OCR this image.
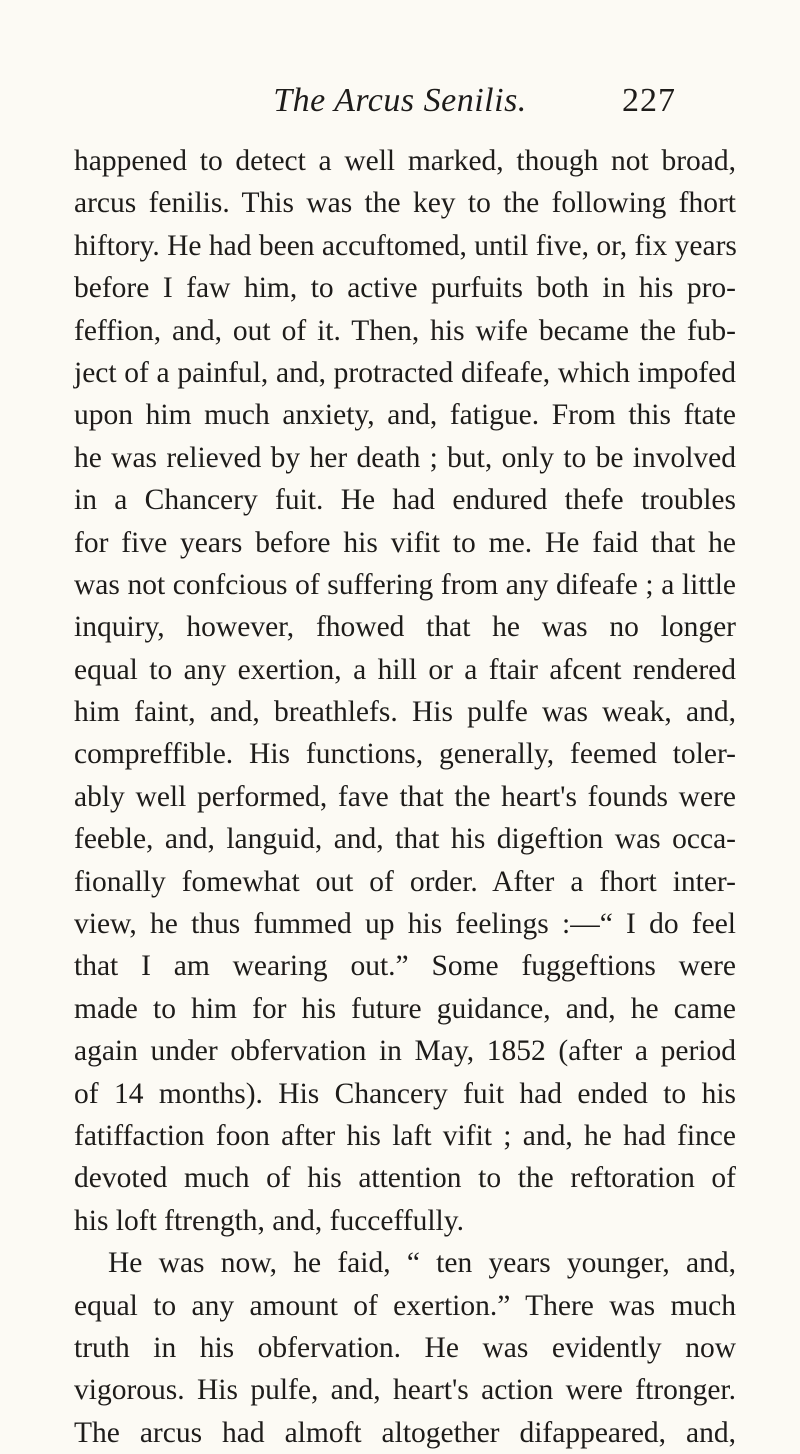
The Arcus Senilis.	227
happened to detect a well marked, though not broad,
arcus fenilis. This was the key to the following fhort
hiftory. He had been accuftomed, until five, or, fix years
before I faw him, to active purfuits both in his pro-
feffion, and, out of it. Then, his wife became the fub-
ject of a painful, and, protracted difeafe, which impofed
upon him much anxiety, and, fatigue. From this ftate
he was relieved by her death ; but, only to be involved
in a Chancery fuit. He had endured thefe troubles
for five years before his vifit to me. He faid that he
was not confcious of suffering from any difeafe ; a little
inquiry, however, fhowed that he was no longer
equal to any exertion, a hill or a ftair afcent rendered
him faint, and, breathlefs. His pulfe was weak, and,
compreffible. His functions, generally, feemed toler-
ably well performed, fave that the heart's founds were
feeble, and, languid, and, that his digeftion was occa-
fionally fomewhat out of order. After a fhort inter-
view, he thus fummed up his feelings :—“ I do feel
that I am wearing out.” Some fuggeftions were
made to him for his future guidance, and, he came
again under obfervation in May, 1852 (after a period
of 14 months). His Chancery fuit had ended to his
fatiffaction foon after his laft vifit ; and, he had fince
devoted much of his attention to the reftoration of
his loft ftrength, and, fucceffully.
He was now, he faid, “ ten years younger, and,
equal to any amount of exertion.” There was much
truth in his obfervation. He was evidently now
vigorous. His pulfe, and, heart's action were ftronger.
The arcus had almoft altogether difappeared, and,
